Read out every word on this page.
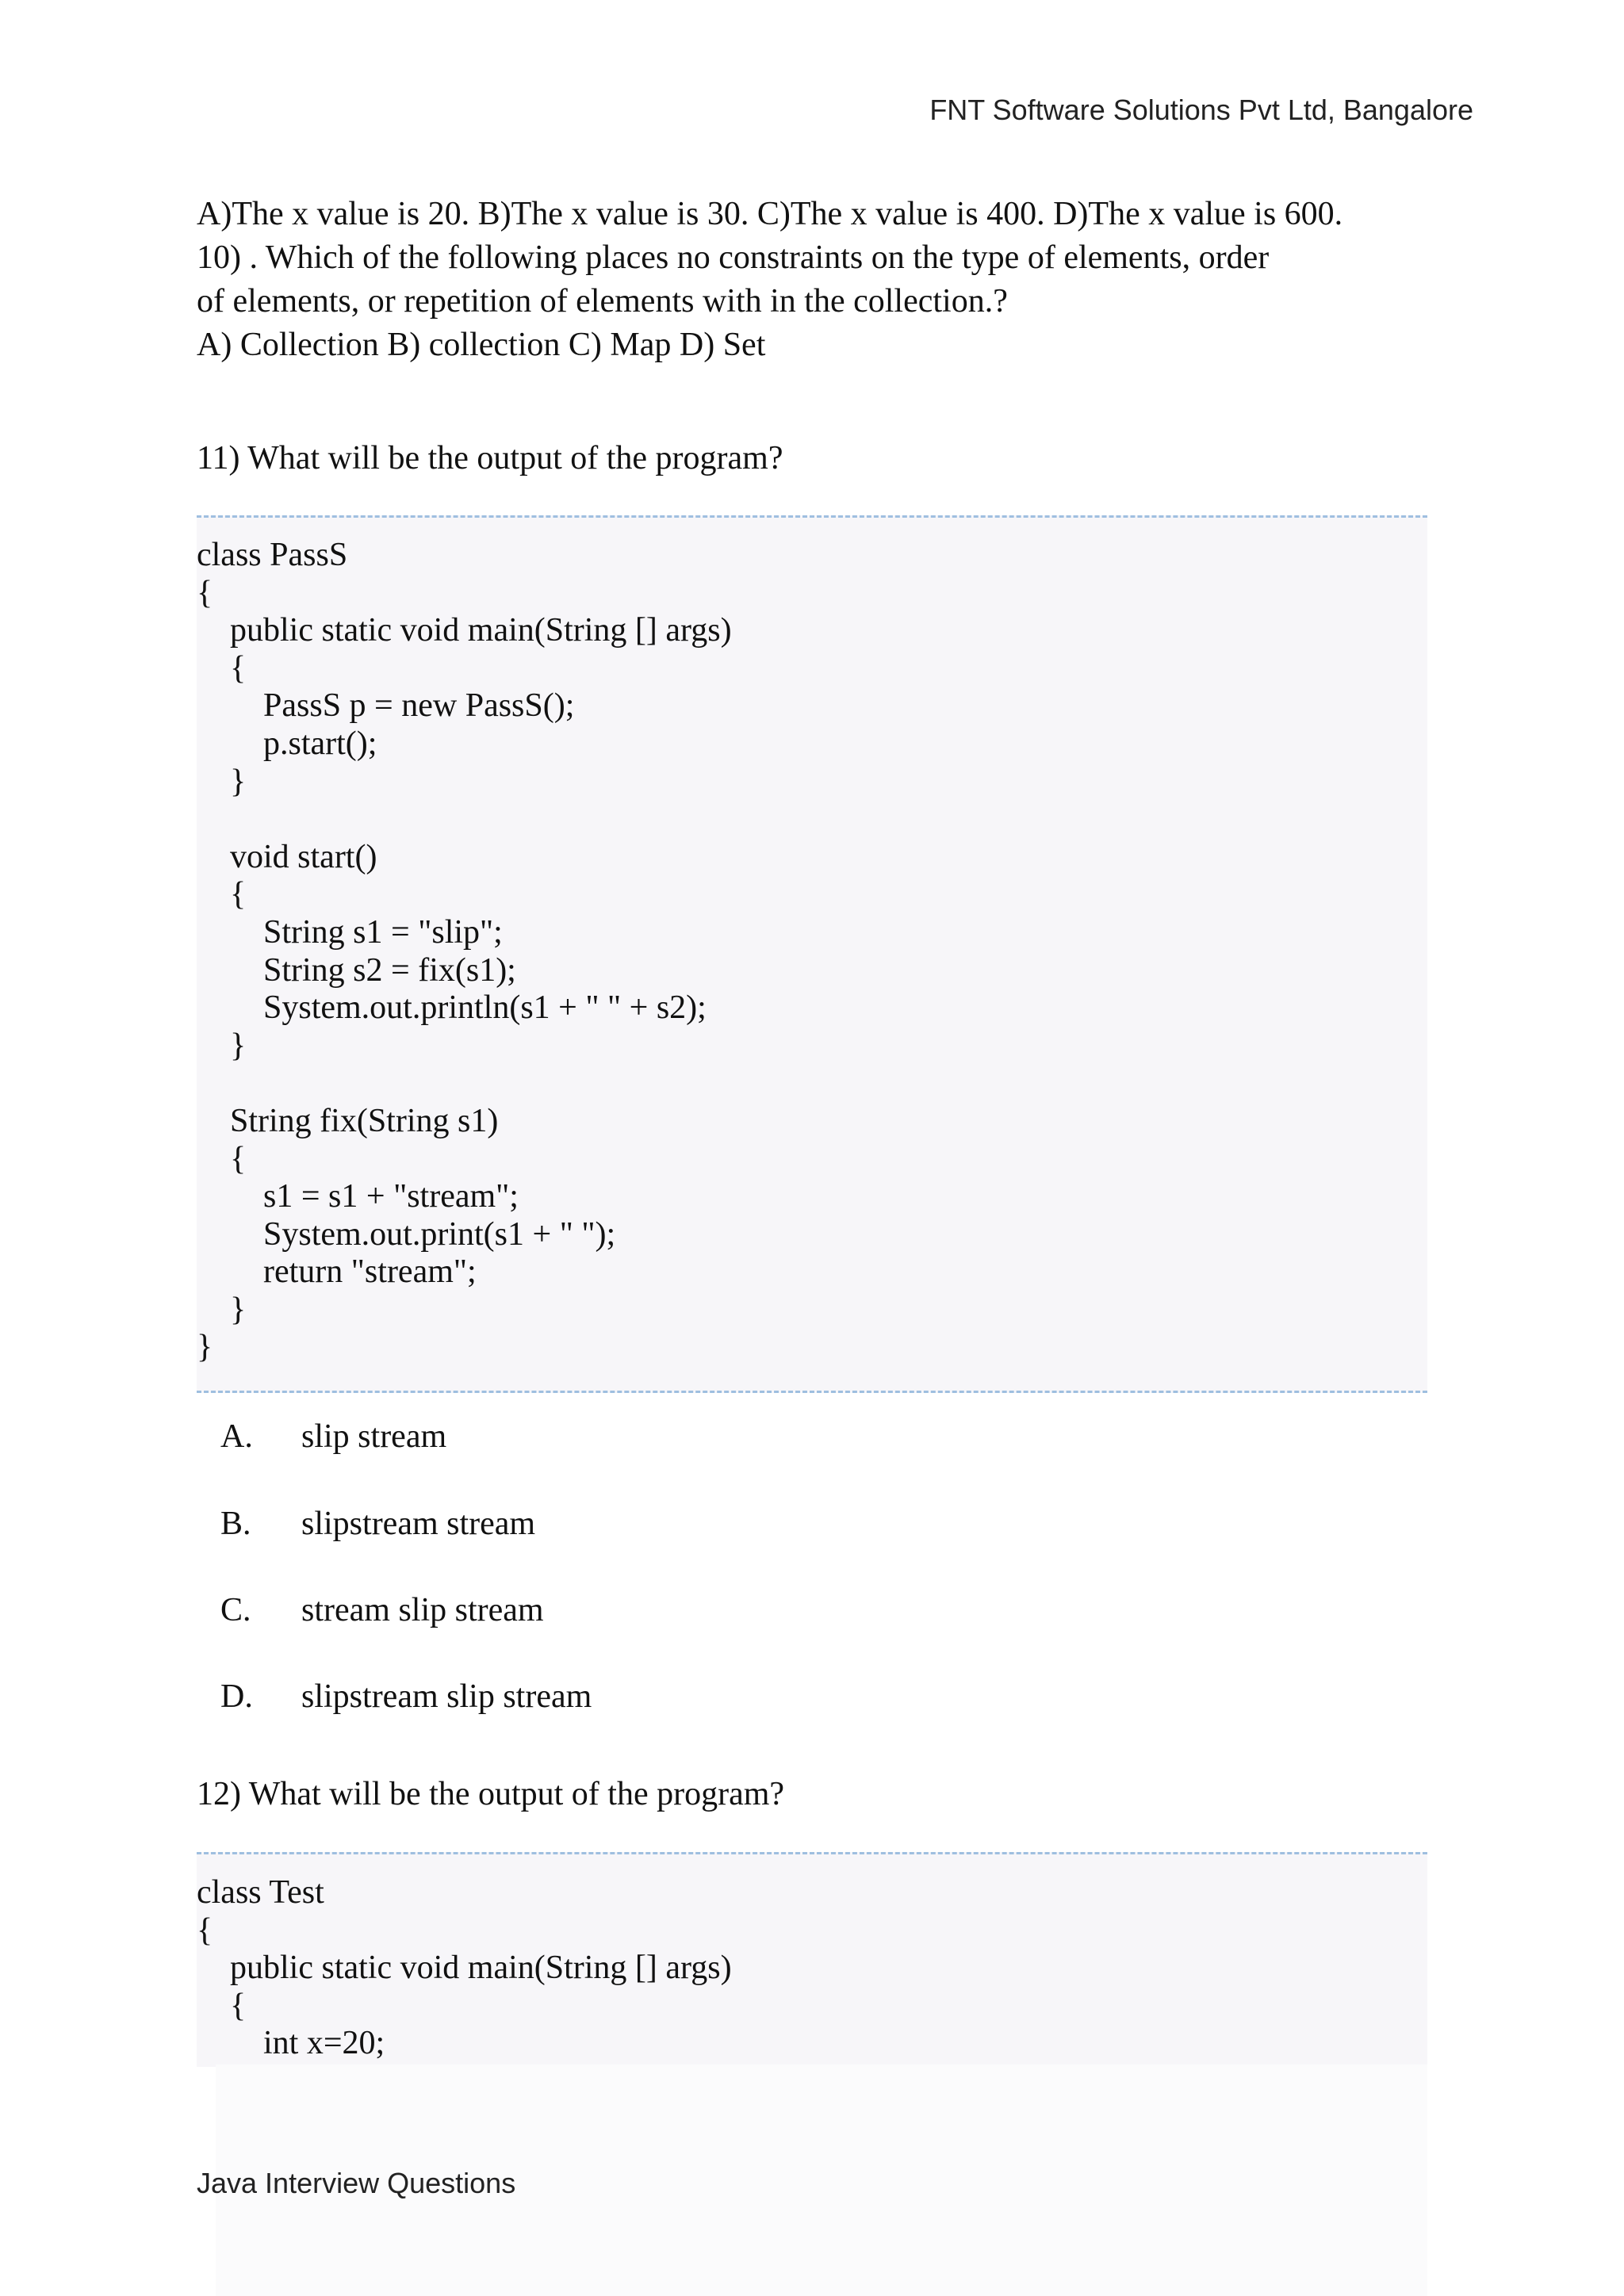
FNT Software Solutions Pvt Ltd, Bangalore
A)The x value is 20. B)The x value is 30. C)The x value is 400. D)The x value is 600.
10) . Which of the following places no constraints on the type of elements, order
of elements, or repetition of elements with in the collection.?
A) Collection B) collection C) Map D) Set
11) What will be the output of the program?
class PassS
{
public static void main(String [] args)
{
PassS p = new PassS();
p.start();
}

void start()
{
String s1 = "slip";
String s2 = fix(s1);
System.out.println(s1 + " " + s2);
}

String fix(String s1)
{
s1 = s1 + "stream";
System.out.print(s1 + " ");
return "stream";
}
}
A. slip stream
B. slipstream stream
C. stream slip stream
D. slipstream slip stream
12) What will be the output of the program?
class Test
{
public static void main(String [] args)
{
int x=20;
Java Interview Questions
